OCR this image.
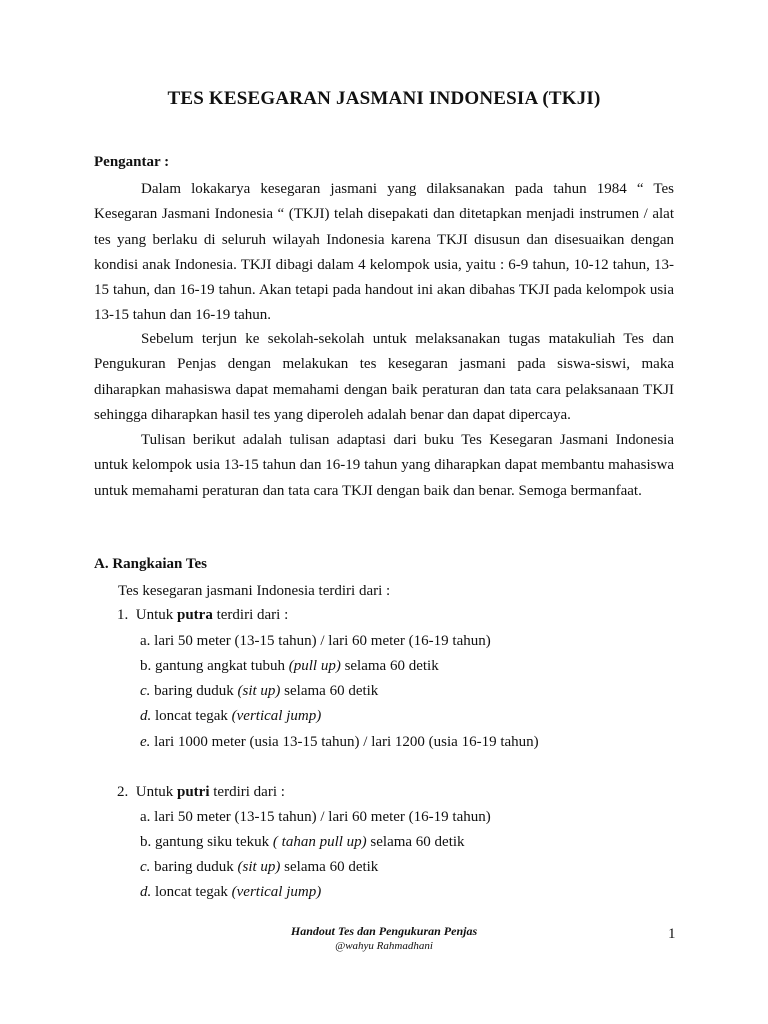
TES KESEGARAN JASMANI INDONESIA (TKJI)
Pengantar :
Dalam lokakarya kesegaran jasmani yang dilaksanakan pada tahun 1984 “ Tes Kesegaran Jasmani Indonesia “ (TKJI) telah disepakati dan ditetapkan menjadi instrumen / alat tes yang berlaku di seluruh wilayah Indonesia karena TKJI disusun dan disesuaikan dengan kondisi anak Indonesia. TKJI dibagi dalam 4 kelompok usia, yaitu : 6-9 tahun, 10-12 tahun, 13-15 tahun, dan 16-19 tahun. Akan tetapi pada handout ini akan dibahas TKJI pada kelompok usia 13-15 tahun dan 16-19 tahun.
Sebelum terjun ke sekolah-sekolah untuk melaksanakan tugas matakuliah Tes dan Pengukuran Penjas dengan melakukan tes kesegaran jasmani pada siswa-siswi, maka diharapkan mahasiswa dapat memahami dengan baik peraturan dan tata cara pelaksanaan TKJI sehingga diharapkan hasil tes yang diperoleh adalah benar dan dapat dipercaya.
Tulisan berikut adalah tulisan adaptasi dari buku Tes Kesegaran Jasmani Indonesia untuk kelompok usia 13-15 tahun dan 16-19 tahun yang diharapkan dapat membantu mahasiswa untuk memahami peraturan dan tata cara TKJI dengan baik dan benar. Semoga bermanfaat.
A. Rangkaian Tes
Tes kesegaran jasmani Indonesia terdiri dari :
1. Untuk putra terdiri dari :
a. lari 50 meter (13-15 tahun) / lari 60 meter (16-19 tahun)
b. gantung angkat tubuh (pull up) selama 60 detik
c. baring duduk (sit up) selama 60 detik
d. loncat tegak (vertical jump)
e. lari 1000 meter (usia 13-15 tahun) / lari 1200 (usia 16-19 tahun)
2. Untuk putri terdiri dari :
a. lari 50 meter (13-15 tahun) / lari 60 meter (16-19 tahun)
b. gantung siku tekuk ( tahan pull up) selama 60 detik
c. baring duduk (sit up) selama 60 detik
d. loncat tegak (vertical jump)
Handout Tes dan Pengukuran Penjas
@wahyu Rahmadhani
1
